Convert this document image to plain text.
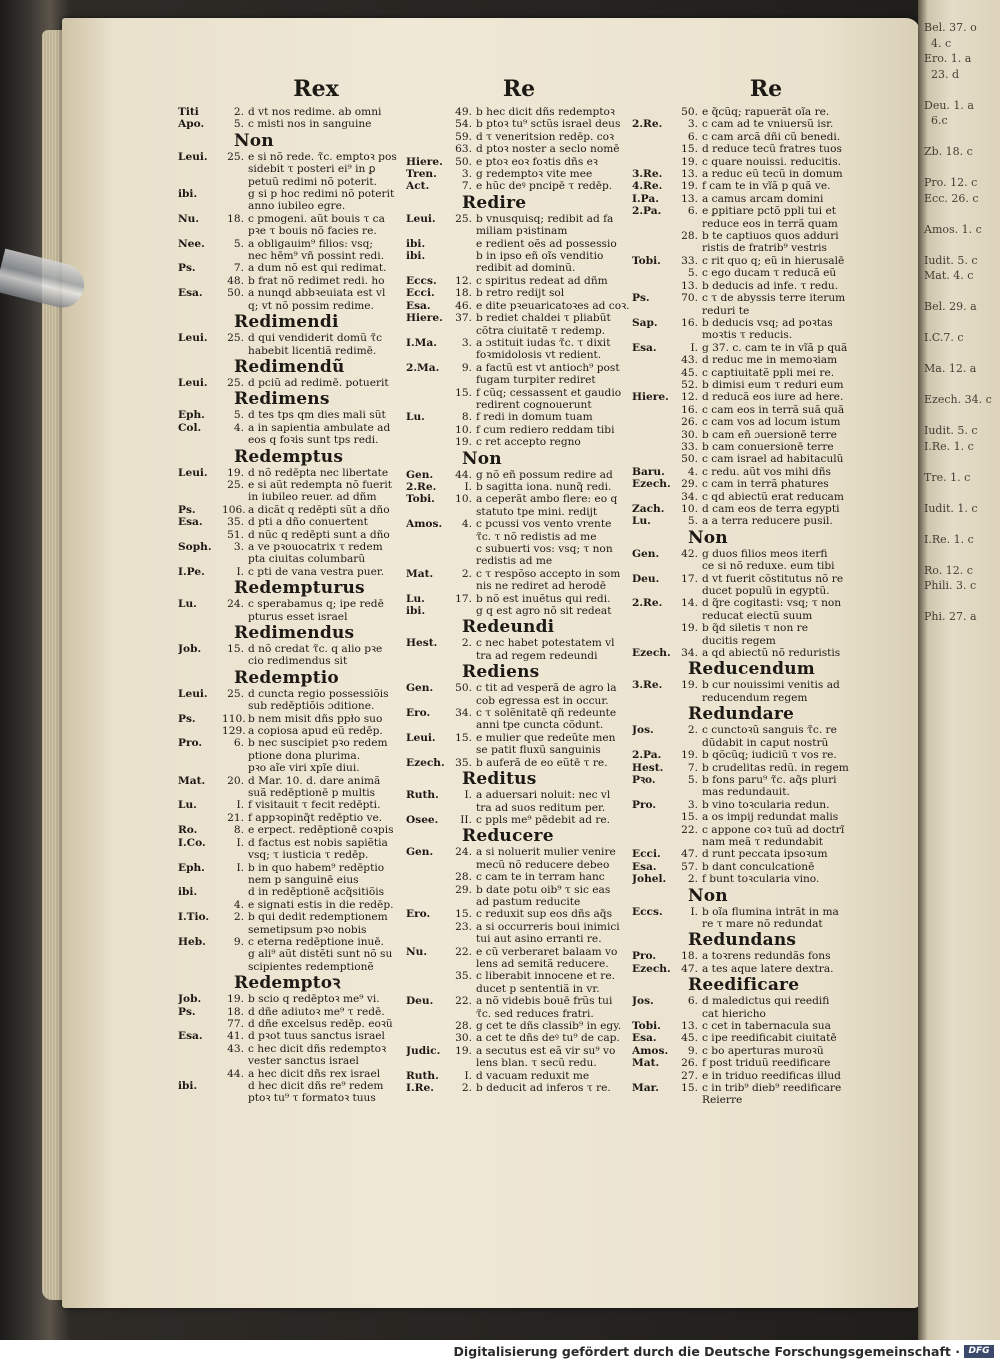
Bel. 37. o
4. c
Ero. 1. a
23. d

Deu. 1. a
6.c

Zb. 18. c

Pro. 12. c
Ecc. 26. c

Amos. 1. c

Iudit. 5. c
Mat. 4. c

Bel. 29. a

I.C.7. c

Ma. 12. a

Ezech. 34. c

Iudit. 5. c
I.Re. 1. c

Tre. 1. c

Iudit. 1. c

I.Re. 1. c

Ro. 12. c
Phili. 3. c

Phi. 27. a
Rex
Titi	2. d vt nos redime. ab omni
Apo.	5. c misti nos in sanguine
Non
Leui.	25. e si nõ rede. τ̃c. emptoꝛ pos
sidebit τ posteri ei⁹ in ꝑ
petuũ redimi nõ poterit.
ibi.	g si p hoc redimi nõ poterit
anno iubileo egre.
Nu.	18. c pmogeni. aũt bouis τ ca
pꝛe τ bouis nõ facies re.
Nee.	5. a obligauim⁹ filios: vsq;
nec hēm⁹ vñ possint redi.
Ps.	7. a dum nõ est qui redimat.
48. b frat nõ redimet redi. ho
Esa.	50. a nunqd abbꝛeuiata est vl
q; vt nõ possim redime.
Redimendi
Leui.	25. d qui vendiderit domũ τ̃c
habebit licentiã redimē.
Redimendũ
Leui.	25. d pciũ ad redimē. potuerit
Redimens
Eph.	5. d tes tps qm dies mali sũt
Col.	4. a in sapientia ambulate ad
eos q foꝛis sunt tps redi.
Redemptus
Leui.	19. d nõ redēpta nec libertate
25. e si aũt redempta nõ fuerit
in iubileo reuer. ad dñm
Ps.	106. a dicãt q redēpti sũt a dño
Esa.	35. d pti a dño conuertent
51. d nũc q redēpti sunt a dño
Soph.	3. a ve pꝛouocatrix τ redem
pta ciuitas columbarũ
I.Pe.	I. c pti de vana vestra puer.
Redempturus
Lu.	24. c sperabamus q; ipe redē
pturus esset israel
Redimendus
Job.	15. d nõ credat τ̃c. q alio pꝛe
cio redimendus sit
Redemptio
Leui.	25. d cuncta regio possessiõis
sub redēptiõis ɔditione.
Ps.	110. b nem misit dñs ppło suo
129. a copiosa apud eũ redēp.
Pro.	6. b nec suscipiet pꝛo redem
ptione dona plurima.
pꝛo aĩe viri xpĩe diui.
Mat.	20. d Mar. 10. d. dare animã
suã redēptionē p multis
Lu.	I. f visitauit τ fecit redēpti.
21. f appꝛopinq̃t redēptio ve.
Ro.	8. e erpect. redēptionē coꝛpis
I.Co.	I. d factus est nobis sapiẽtia
vsq; τ iusticia τ redēp.
Eph.	I. b in quo habem⁹ redēptio
nem p sanguinē eius
ibi.	d in redēptionē acq̃sitiõis
4. e signati estis in die redēp.
I.Tio.	2. b qui dedit redemptionem
semetipsum pꝛo nobis
Heb.	9. c eterna redēptione inuē.
g ali⁹ aũt distẽti sunt nõ su
scipientes redemptionẽ
Redemptoꝛ
Job.	19. b scio q redēptoꝛ me⁹ vi.
Ps.	18. d dñe adiutoꝛ me⁹ τ redē.
77. d dñe excelsus redēp. eoꝛũ
Esa.	41. d pꝛot tuus sanctus israel
43. c hec dicit dñs redemptoꝛ
vester sanctus israel
44. a hec dicit dñs rex israel
ibi.	d hec dicit dñs re⁹ redem
ptoꝛ tu⁹ τ formatoꝛ tuus
Re
49. b hec dicit dñs redemptoꝛ
54. b ptoꝛ tu⁹ sctũs israel deus
59. d τ veneritsion redēp. coꝛ
63. d ptoꝛ noster a seclo nomē
Hiere.	50. e ptoꝛ eoꝛ foꝛtis dñs eꝛ
Tren.	3. g redemptoꝛ vite mee
Act.	7. e hũc deꝰ pncipē τ redēp.
Redire
Leui.	25. b vnusquisq; redibit ad fa
miliam pꝛistinam
ibi.	e redient oẽs ad possessio
ibi.	b in ipso eñ oĩs venditio
redibit ad dominũ.
Eccs.	12. c spiritus redeat ad dñm
Ecci.	18. b retro redijt sol
Esa.	46. e dite pꝛeuaricatoꝛes ad coꝛ.
Hiere.	37. b rediet chaldei τ pliabũt
cõtra ciuitatẽ τ redemp.
I.Ma.	3. a ɔstituit iudas τ̃c. τ dixit
foꝛmidolosis vt redient.
2.Ma.	9. a factũ est vt antioch⁹ post
fugam turpiter rediret
15. f cũq; cessassent et gaudio
redirent cognouerunt
Lu.	8. f redi in domum tuam
10. f cum rediero reddam tibi
19. c ret accepto regno
Non
Gen.	44. g nõ eñ possum redire ad
2.Re.	I. b sagitta iona. nunq̃ redi.
Tobi.	10. a ceperãt ambo flere: eo q
statuto tpe mini. redijt
Amos.	4. c pcussi vos vento vrente
τ̃c. τ nõ redistis ad me
c subuerti vos: vsq; τ non
redistis ad me
Mat.	2. c τ respõso accepto in som
nis ne rediret ad herodē
Lu.	17. b nõ est inuẽtus qui redi.
ibi.	g q est agro nõ sit redeat
Redeundi
Hest.	2. c nec habet potestatem vl
tra ad regem redeundi
Rediens
Gen.	50. c tit ad vesperã de agro la
cob egressa est in occur.
Ero.	34. c τ solẽnitatē qñ redeunte
anni tpe cuncta cõdunt.
Leui.	15. e mulier que redeũte men
se patit fluxũ sanguinis
Ezech. 35. b auferã de eo eũtē τ re.
Reditus
Ruth.	I. a aduersari noluit: nec vl
tra ad suos reditum per.
Osee.	II. c ppls me⁹ pēdebit ad re.
Reducere
Gen.	24. a si noluerit mulier venire
mecũ nõ reducere debeo
28. c cam te in terram hanc
29. b date potu oib⁹ τ sic eas
ad pastum reducite
Ero.	15. c reduxit sup eos dñs aq̃s
23. a si occurreris boui inimici
tui aut asino erranti re.
Nu.	22. e cũ verberaret balaam vo
lens ad semitã reducere.
35. c liberabit innocene et re.
ducet p sententiã in vr.
Deu.	22. a nõ videbis bouē frũs tui
τ̃c. sed reduces fratri.
28. g cet te dñs classib⁹ in egy.
30. a cet te dñs deꝰ tu⁹ de cap.
Judic.	19. a secutus est eã vir su⁹ vo
lens blan. τ secũ redu.
Ruth.	I. d vacuam reduxit me
I.Re.	2. b deducit ad inferos τ re.
Re
50. e q̃cũq; rapuerãt oĩa re.
2.Re.	3. c cam ad te vniuersũ isr.
6. c cam arcã dñi cũ benedi.
15. d reduce tecũ fratres tuos
19. c quare nouissi. reducitis.
3.Re.	13. a reduc eũ tecũ in domum
4.Re.	19. f cam te in vĩã p quã ve.
I.Pa.	13. a camus arcam domini
2.Pa.	6. e ꝑpitiare pctõ ppli tui et
reduce eos in terrã quam
28. b te captiuos quos adduri
ristis de fratrib⁹ vestris
Tobi.	33. c rit quo q; eũ in hierusalē
5. c ego ducam τ reducã eũ
13. b deducis ad infe. τ redu.
Ps.	70. c τ de abyssis terre iterum
reduri te
Sap.	16. b deducis vsq; ad poꝛtas
moꝛtis τ reducis.
Esa.	I. g 37. c. cam te in vĩã p quã
43. d reduc me in memoꝛiam
45. c captiuitatẽ ppli mei re.
52. b dimisi eum τ reduri eum
Hiere.	12. d reducã eos iure ad here.
16. c cam eos in terrã suã quã
26. c cam vos ad locum istum
30. b cam eñ ɔuersionē terre
33. b cam conuersionē terre
50. c cam israel ad habitaculũ
Baru.	4. c redu. aũt vos mihi dñs
Ezech. 29. c cam in terrã phatures
34. c qd abiectũ erat reducam
Zach.	10. d cam eos de terra egypti
Lu.	5. a a terra reducere pusil.
Non
Gen.	42. g duos filios meos iterfi
ce si nõ reduxe. eum tibi
Deu.	17. d vt fuerit cõstitutus nõ re
ducet populũ in egyptũ.
2.Re.	14. d q̃re cogitasti: vsq; τ non
reducat eiectũ suum
19. b q̃d siletis τ non re
ducitis regem
Ezech. 34. a qd abiectũ nõ reduristis
Reducendum
3.Re.	19. b cur nouissimi venitis ad
reducendum regem
Redundare
Jos.	2. c cunctoꝛũ sanguis τ̃c. re
dũdabit in caput nostrũ
2.Pa.	19. b qõcũq; iudiciũ τ vos re.
Hest.	7. b crudelitas redũ. in regem
Pꝛo.	5. b fons paru⁹ τ̃c. aq̃s pluri
mas redundauit.
Pro.	3. b vino toꝛcularia redun.
15. a os impij redundat malis
22. c appone coꝛ tuũ ad doctrĩ
nam meã τ redundabit
Ecci.	47. d runt peccata ipsoꝛum
Esa.	57. b dant conculcationē
Johel.	2. f bunt toꝛcularia vino.
Non
Eccs.	I. b oĩa flumina intrãt in ma
re τ mare nõ redundat
Redundans
Pro.	18. a toꝛrens redundãs fons
Ezech. 47. a tes aque latere dextra.
Reedificare
Jos.	6. d maledictus qui reedifi
cat hiericho
Tobi.	13. c cet in tabernacula sua
Esa.	45. c ipe reedificabit ciuitatē
Amos.	9. c bo aperturas muroꝛũ
Mat.	26. f post triduũ reedificare
27. e in triduo reedificas illud
Mar.	15. c in trib⁹ dieb⁹ reedificare
Reierre
Digitalisierung gefördert durch die Deutsche Forschungsgemeinschaft · DFG
